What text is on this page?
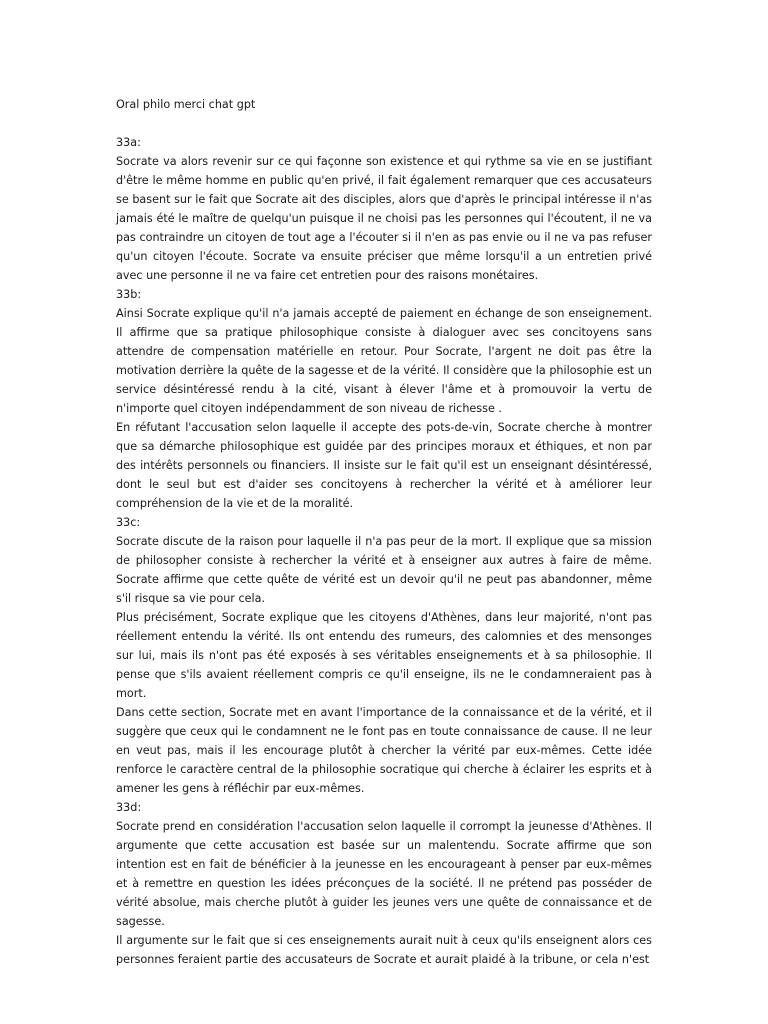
Oral philo merci chat gpt
33a:

Socrate va alors revenir sur ce qui façonne son existence et qui rythme sa vie en se justifiant d'être le même homme en public qu'en privé, il fait également remarquer que ces accusateurs se basent sur le fait que Socrate ait des disciples, alors que d'après le principal intéresse il n'as jamais été le maître de quelqu'un puisque il ne choisi pas les personnes qui l'écoutent, il ne va pas contraindre un citoyen de tout age a l'écouter si il n'en as pas envie ou il ne va pas refuser qu'un citoyen l'écoute. Socrate va ensuite préciser que même lorsqu'il a un entretien privé avec une personne il ne va faire cet entretien pour des raisons monétaires.

33b:

Ainsi Socrate explique qu'il n'a jamais accepté de paiement en échange de son enseignement. Il affirme que sa pratique philosophique consiste à dialoguer avec ses concitoyens sans attendre de compensation matérielle en retour. Pour Socrate, l'argent ne doit pas être la motivation derrière la quête de la sagesse et de la vérité. Il considère que la philosophie est un service désintéressé rendu à la cité, visant à élever l'âme et à promouvoir la vertu de n'importe quel citoyen indépendamment de son niveau de richesse .

En réfutant l'accusation selon laquelle il accepte des pots-de-vin, Socrate cherche à montrer que sa démarche philosophique est guidée par des principes moraux et éthiques, et non par des intérêts personnels ou financiers. Il insiste sur le fait qu'il est un enseignant désintéressé, dont le seul but est d'aider ses concitoyens à rechercher la vérité et à améliorer leur compréhension de la vie et de la moralité.

33c:

Socrate discute de la raison pour laquelle il n'a pas peur de la mort. Il explique que sa mission de philosopher consiste à rechercher la vérité et à enseigner aux autres à faire de même. Socrate affirme que cette quête de vérité est un devoir qu'il ne peut pas abandonner, même s'il risque sa vie pour cela.

Plus précisément, Socrate explique que les citoyens d'Athènes, dans leur majorité, n'ont pas réellement entendu la vérité. Ils ont entendu des rumeurs, des calomnies et des mensonges sur lui, mais ils n'ont pas été exposés à ses véritables enseignements et à sa philosophie. Il pense que s'ils avaient réellement compris ce qu'il enseigne, ils ne le condamneraient pas à mort.

Dans cette section, Socrate met en avant l'importance de la connaissance et de la vérité, et il suggère que ceux qui le condamnent ne le font pas en toute connaissance de cause. Il ne leur en veut pas, mais il les encourage plutôt à chercher la vérité par eux-mêmes. Cette idée renforce le caractère central de la philosophie socratique qui cherche à éclairer les esprits et à amener les gens à réfléchir par eux-mêmes.

33d:

Socrate prend en considération l'accusation selon laquelle il corrompt la jeunesse d'Athènes. Il argumente que cette accusation est basée sur un malentendu. Socrate affirme que son intention est en fait de bénéficier à la jeunesse en les encourageant à penser par eux-mêmes et à remettre en question les idées préconçues de la société. Il ne prétend pas posséder de vérité absolue, mais cherche plutôt à guider les jeunes vers une quête de connaissance et de sagesse.

Il argumente sur le fait que si ces enseignements aurait nuit à ceux qu'ils enseignent alors ces personnes feraient partie des accusateurs de Socrate et aurait plaidé à la tribune, or cela n'est
